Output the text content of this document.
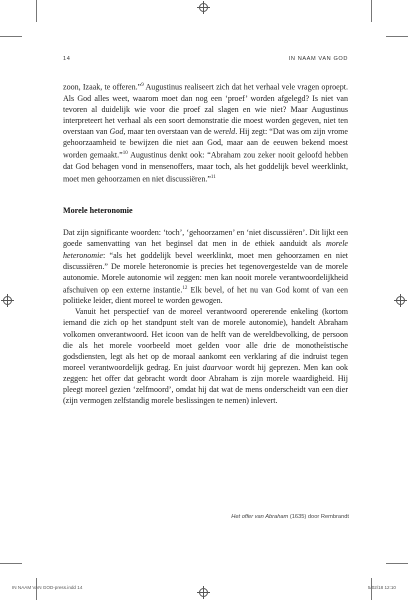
14	IN NAAM VAN GOD

zoon, Izaak, te offeren.”$^9$ Augustinus realiseert zich dat het verhaal vele vragen oproept. Als God alles weet, waarom moet dan nog een ‘proef’ worden afgelegd? Is niet van tevoren al duidelijk wie voor die proef zal slagen en wie niet? Maar Augustinus interpreteert het verhaal als een soort demonstratie die moest worden gegeven, niet ten overstaan van God, maar ten overstaan van de wereld. Hij zegt: “Dat was om zijn vrome gehoorzaamheid te bewijzen die niet aan God, maar aan de eeuwen bekend moest worden gemaakt.”$^{10}$ Augustinus denkt ook: “Abraham zou zeker nooit geloofd hebben dat God behagen vond in mensenoffers, maar toch, als het goddelijk bevel weerklinkt, moet men gehoorzamen en niet discussiëren.”$^{11}$

Morele heteronomie

Dat zijn significante woorden: ‘toch’, ‘gehoorzamen’ en ‘niet discussiëren’. Dit lijkt een goede samenvatting van het beginsel dat men in de ethiek aanduidt als morele heteronomie: “als het goddelijk bevel weerklinkt, moet men gehoorzamen en niet discussiëren.” De morele heteronomie is precies het tegenovergestelde van de morele autonomie. Morele autonomie wil zeggen: men kan nooit morele verantwoordelijkheid afschuiven op een externe instantie.$^{12}$ Elk bevel, of het nu van God komt of van een politieke leider, dient moreel te worden gewogen.

Vanuit het perspectief van de moreel verantwoord opererende enkeling (kortom iemand die zich op het standpunt stelt van de morele autonomie), handelt Abraham volkomen onverantwoord. Het icoon van de helft van de wereldbevolking, de persoon die als het morele voorbeeld moet gelden voor alle drie de monotheïstische godsdiensten, legt als het op de moraal aankomt een verklaring af die indruist tegen moreel verantwoordelijk gedrag. En juist daarvoor wordt hij geprezen. Men kan ook zeggen: het offer dat gebracht wordt door Abraham is zijn morele waardigheid. Hij pleegt moreel gezien ‘zelfmoord’, omdat hij dat wat de mens onderscheidt van een dier (zijn vermogen zelfstandig morele beslissingen te nemen) inlevert.

Het offer van Abraham (1635) door Rembrandt
IN NAAM VAN GOD-press.indd 14	5/02/18 12:10
